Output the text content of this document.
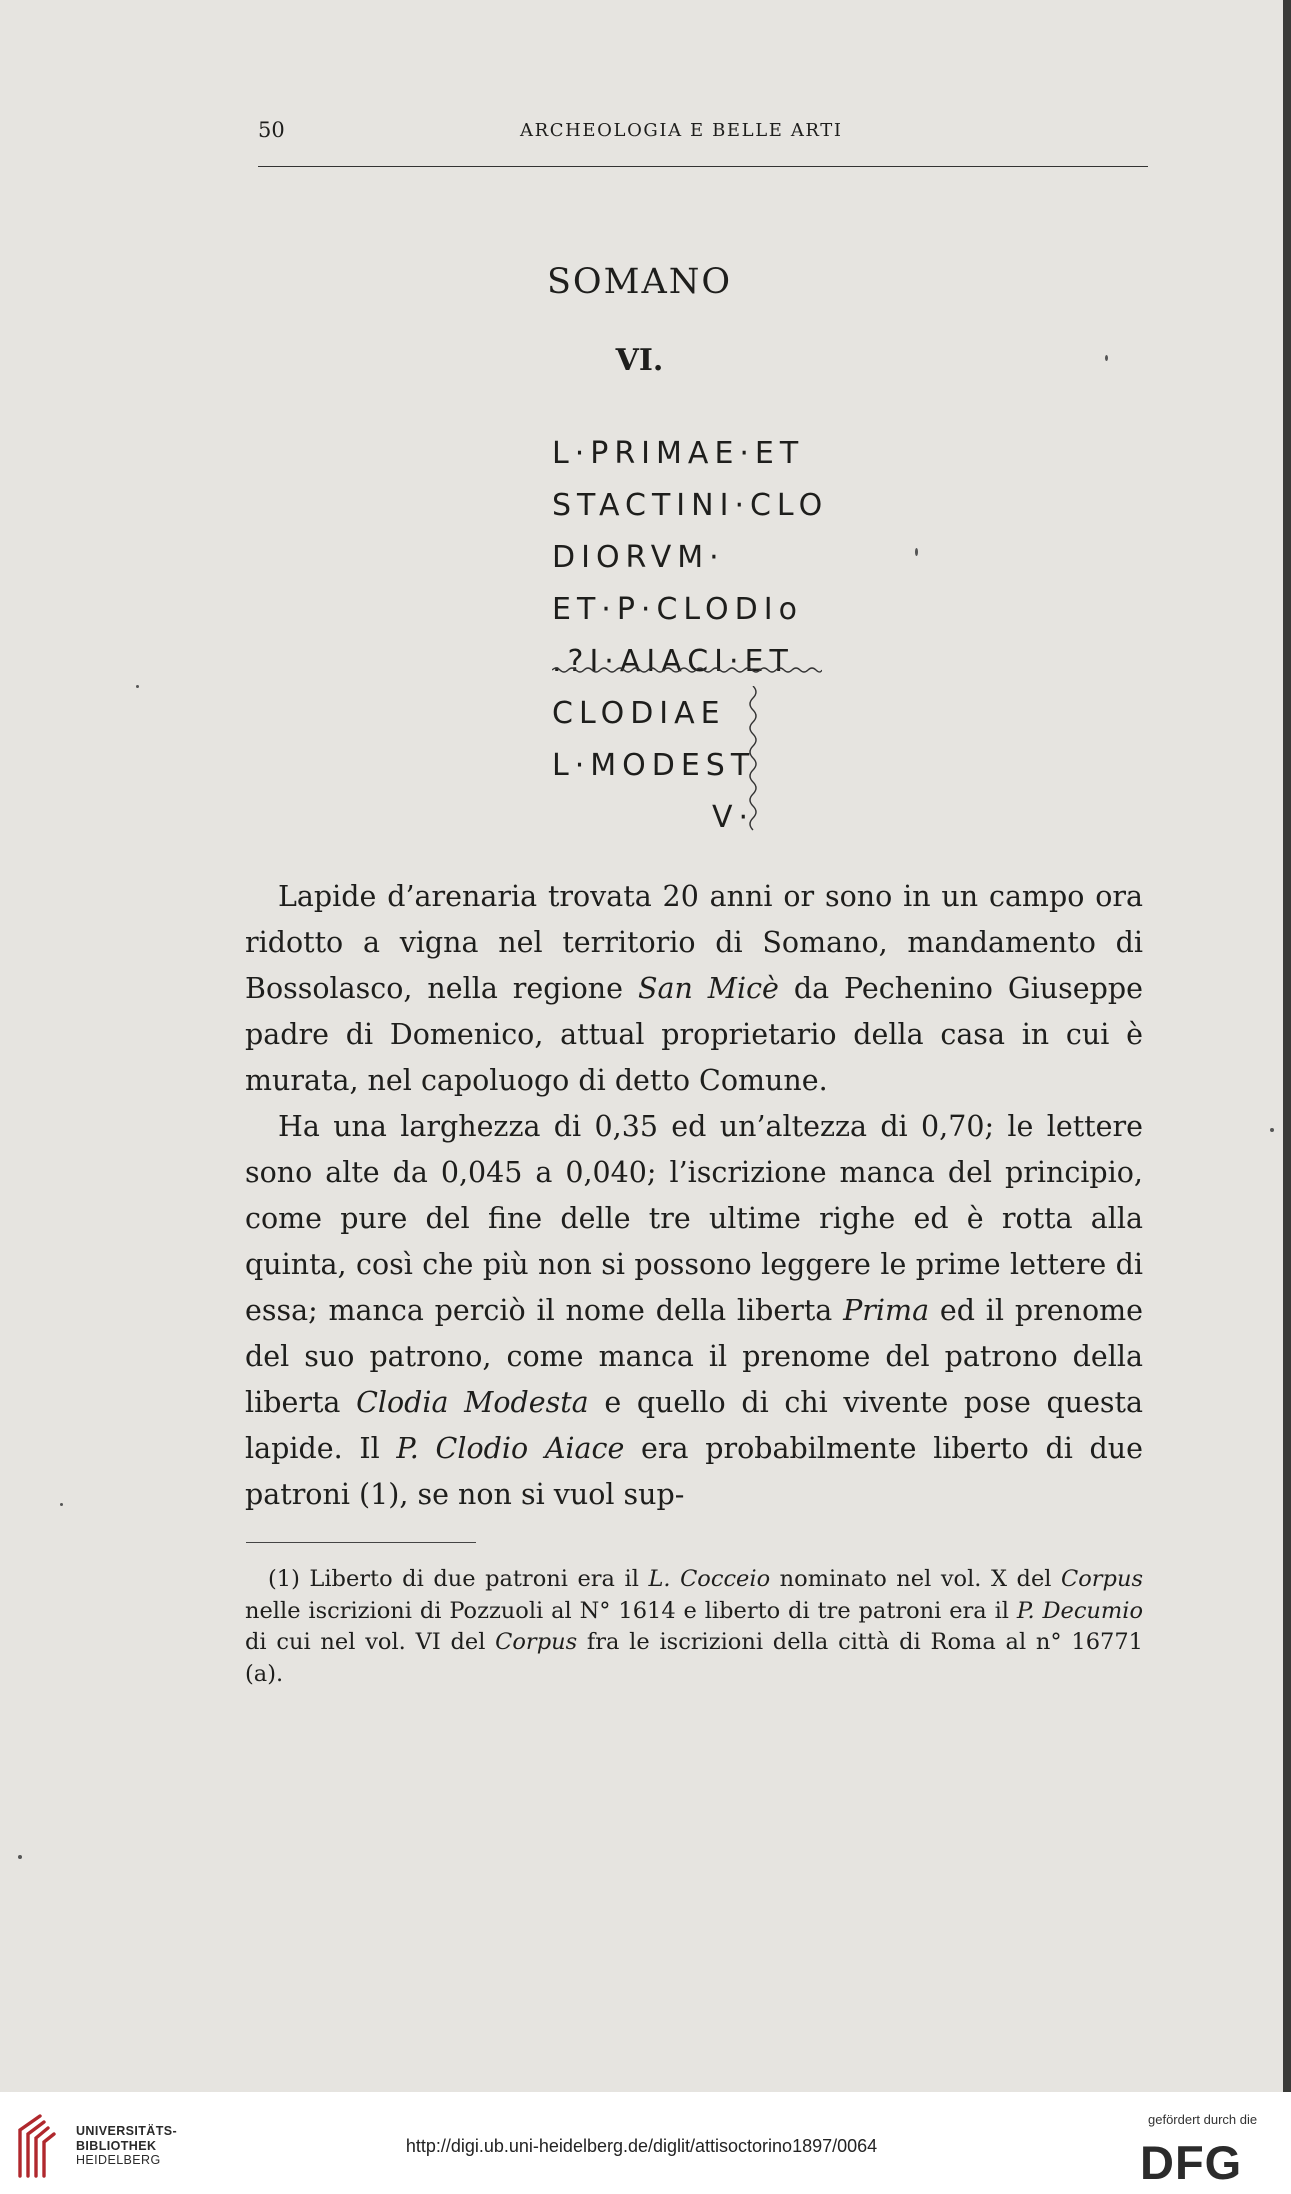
50	ARCHEOLOGIA E BELLE ARTI
SOMANO
VI.
L·PRIMAE·ET
STACTINI·CLO
DIORVM·
ET·P·CLODIo
.?I·AIACI·ET
CLODIAE
L·MODEST
V·

Lapide d’arenaria trovata 20 anni or sono in un campo ora ridotto a vigna nel territorio di Somano, mandamento di Bossolasco, nella regione San Micè da Pechenino Giuseppe padre di Domenico, attual proprietario della casa in cui è murata, nel capoluogo di detto Comune.

Ha una larghezza di 0,35 ed un’altezza di 0,70; le lettere sono alte da 0,045 a 0,040; l’iscrizione manca del principio, come pure del fine delle tre ultime righe ed è rotta alla quinta, così che più non si possono leggere le prime lettere di essa; manca perciò il nome della liberta Prima ed il prenome del suo patrono, come manca il prenome del patrono della liberta Clodia Modesta e quello di chi vivente pose questa lapide. Il P. Clodio Aiace era probabilmente liberto di due patroni (1), se non si vuol sup-

(1) Liberto di due patroni era il L. Cocceio nominato nel vol. X del Corpus nelle iscrizioni di Pozzuoli al N° 1614 e liberto di tre patroni era il P. Decumio di cui nel vol. VI del Corpus fra le iscrizioni della città di Roma al n° 16771 (a).

UNIVERSITÄTS-
BIBLIOTHEK
HEIDELBERG
http://digi.ub.uni-heidelberg.de/diglit/attisoctorino1897/0064
gefördert durch die
DFG
